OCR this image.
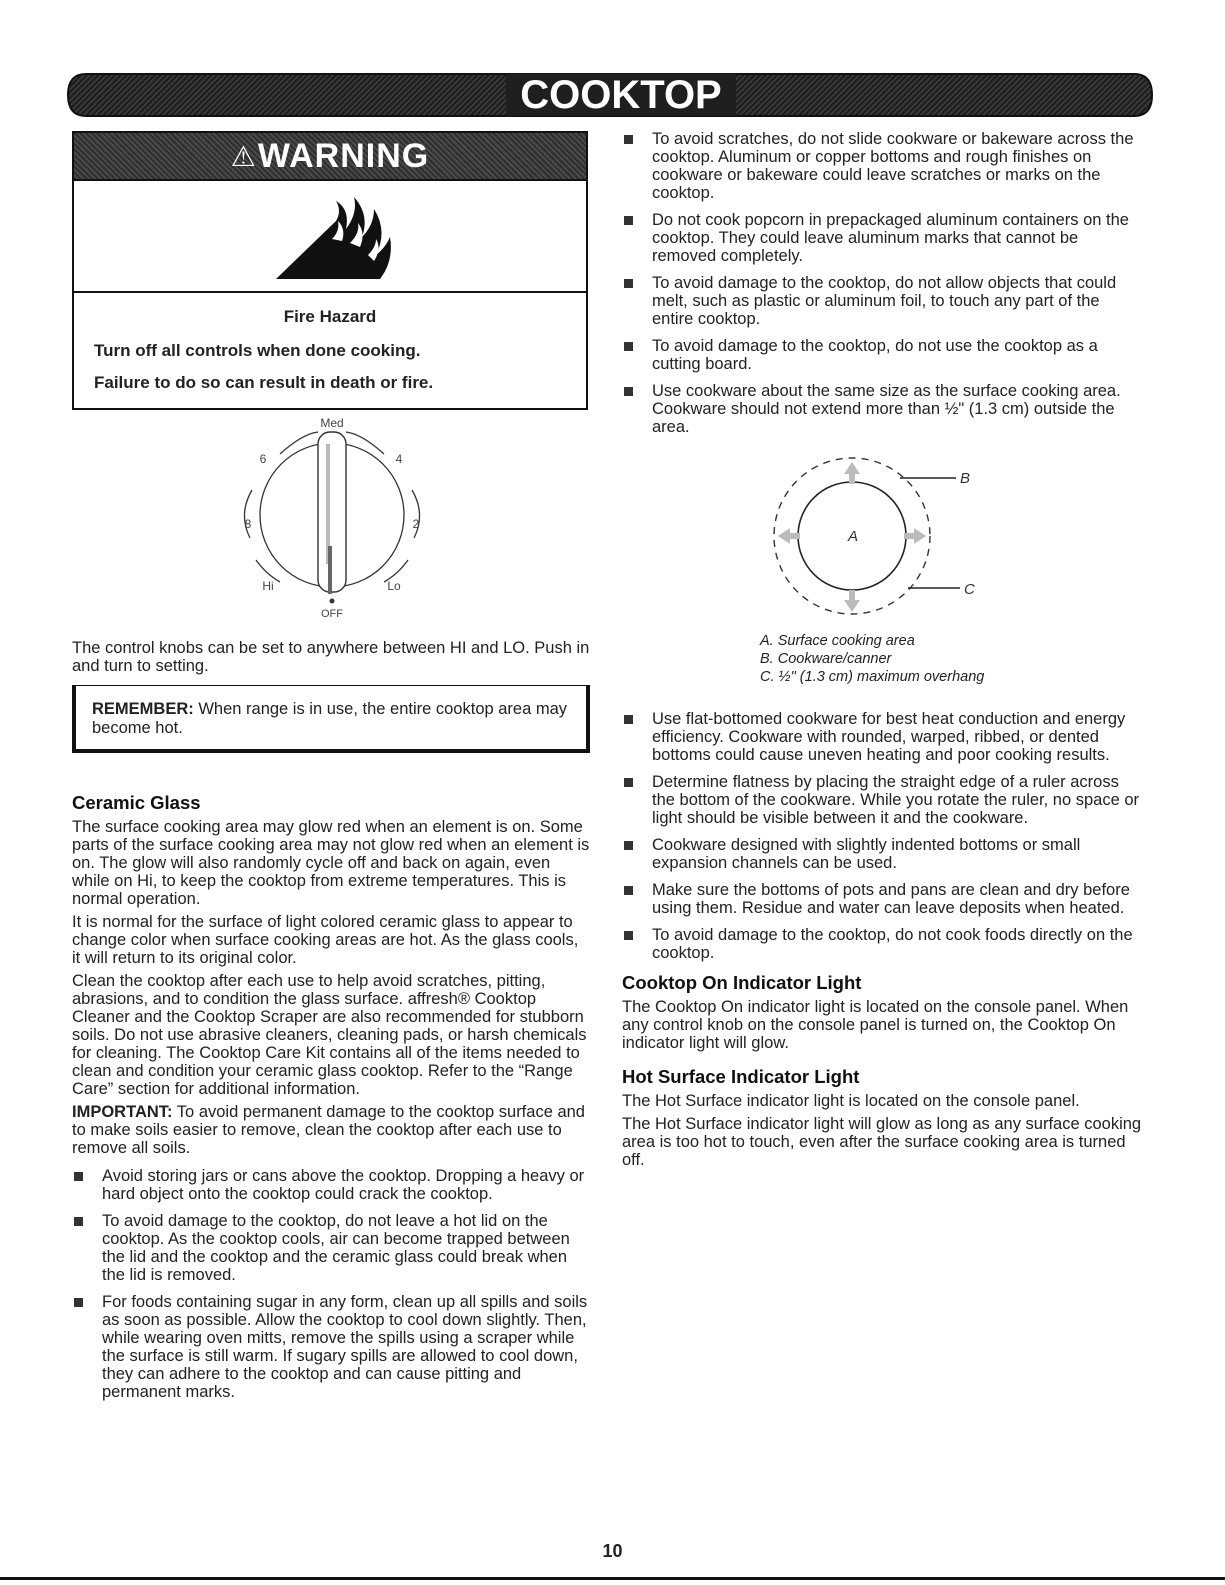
COOKTOP
⚠ WARNING
Fire Hazard
Turn off all controls when done cooking.
Failure to do so can result in death or fire.
Med
6	4
8	2
Hi	Lo
OFF

The control knobs can be set to anywhere between HI and LO. Push in and turn to setting.

REMEMBER: When range is in use, the entire cooktop area may become hot.
Ceramic Glass

The surface cooking area may glow red when an element is on. Some parts of the surface cooking area may not glow red when an element is on. The glow will also randomly cycle off and back on again, even while on Hi, to keep the cooktop from extreme temperatures. This is normal operation.

It is normal for the surface of light colored ceramic glass to appear to change color when surface cooking areas are hot. As the glass cools, it will return to its original color.

Clean the cooktop after each use to help avoid scratches, pitting, abrasions, and to condition the glass surface. affresh® Cooktop Cleaner and the Cooktop Scraper are also recommended for stubborn soils. Do not use abrasive cleaners, cleaning pads, or harsh chemicals for cleaning. The Cooktop Care Kit contains all of the items needed to clean and condition your ceramic glass cooktop. Refer to the “Range Care” section for additional information.

IMPORTANT: To avoid permanent damage to the cooktop surface and to make soils easier to remove, clean the cooktop after each use to remove all soils.

Avoid storing jars or cans above the cooktop. Dropping a heavy or hard object onto the cooktop could crack the cooktop.
To avoid damage to the cooktop, do not leave a hot lid on the cooktop. As the cooktop cools, air can become trapped between the lid and the cooktop and the ceramic glass could break when the lid is removed.
For foods containing sugar in any form, clean up all spills and soils as soon as possible. Allow the cooktop to cool down slightly. Then, while wearing oven mitts, remove the spills using a scraper while the surface is still warm. If sugary spills are allowed to cool down, they can adhere to the cooktop and can cause pitting and permanent marks.
To avoid scratches, do not slide cookware or bakeware across the cooktop. Aluminum or copper bottoms and rough finishes on cookware or bakeware could leave scratches or marks on the cooktop.
Do not cook popcorn in prepackaged aluminum containers on the cooktop. They could leave aluminum marks that cannot be removed completely.
To avoid damage to the cooktop, do not allow objects that could melt, such as plastic or aluminum foil, to touch any part of the entire cooktop.
To avoid damage to the cooktop, do not use the cooktop as a cutting board.
Use cookware about the same size as the surface cooking area. Cookware should not extend more than ½" (1.3 cm) outside the area.
A
B
C
A. Surface cooking area
B. Cookware/canner
C. ½" (1.3 cm) maximum overhang
Use flat-bottomed cookware for best heat conduction and energy efficiency. Cookware with rounded, warped, ribbed, or dented bottoms could cause uneven heating and poor cooking results.
Determine flatness by placing the straight edge of a ruler across the bottom of the cookware. While you rotate the ruler, no space or light should be visible between it and the cookware.
Cookware designed with slightly indented bottoms or small expansion channels can be used.
Make sure the bottoms of pots and pans are clean and dry before using them. Residue and water can leave deposits when heated.
To avoid damage to the cooktop, do not cook foods directly on the cooktop.
Cooktop On Indicator Light

The Cooktop On indicator light is located on the console panel. When any control knob on the console panel is turned on, the Cooktop On indicator light will glow.

Hot Surface Indicator Light

The Hot Surface indicator light is located on the console panel.

The Hot Surface indicator light will glow as long as any surface cooking area is too hot to touch, even after the surface cooking area is turned off.

10
